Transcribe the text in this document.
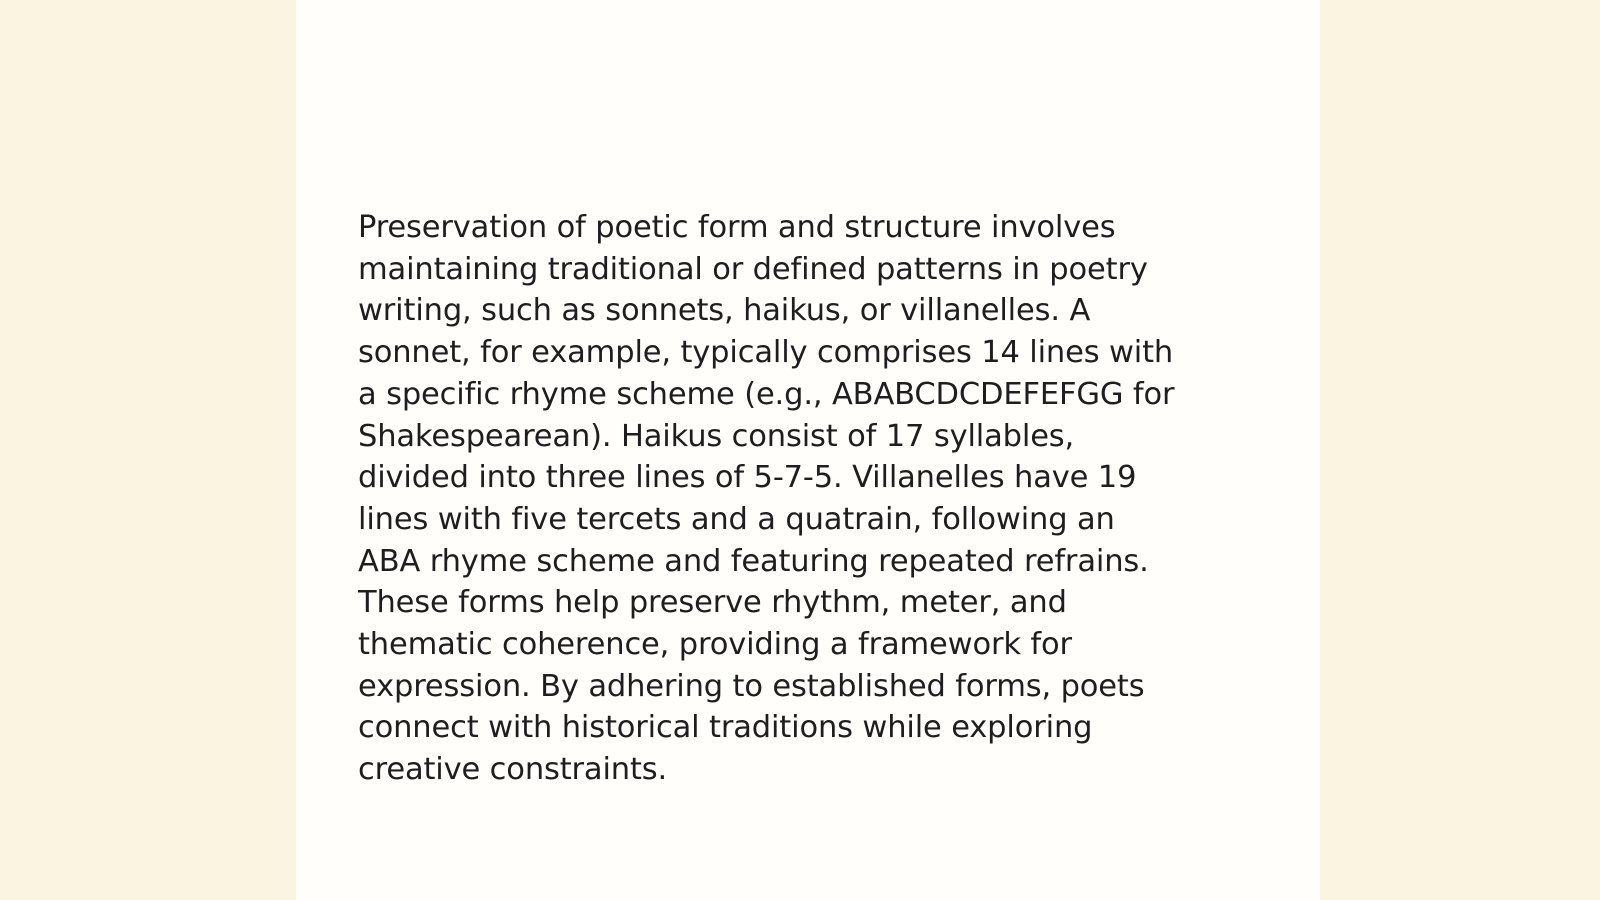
Preservation of poetic form and structure involves
maintaining traditional or defined patterns in poetry
writing, such as sonnets, haikus, or villanelles. A
sonnet, for example, typically comprises 14 lines with
a specific rhyme scheme (e.g., ABABCDCDEFEFGG for
Shakespearean). Haikus consist of 17 syllables,
divided into three lines of 5-7-5. Villanelles have 19
lines with five tercets and a quatrain, following an
ABA rhyme scheme and featuring repeated refrains.
These forms help preserve rhythm, meter, and
thematic coherence, providing a framework for
expression. By adhering to established forms, poets
connect with historical traditions while exploring
creative constraints.
